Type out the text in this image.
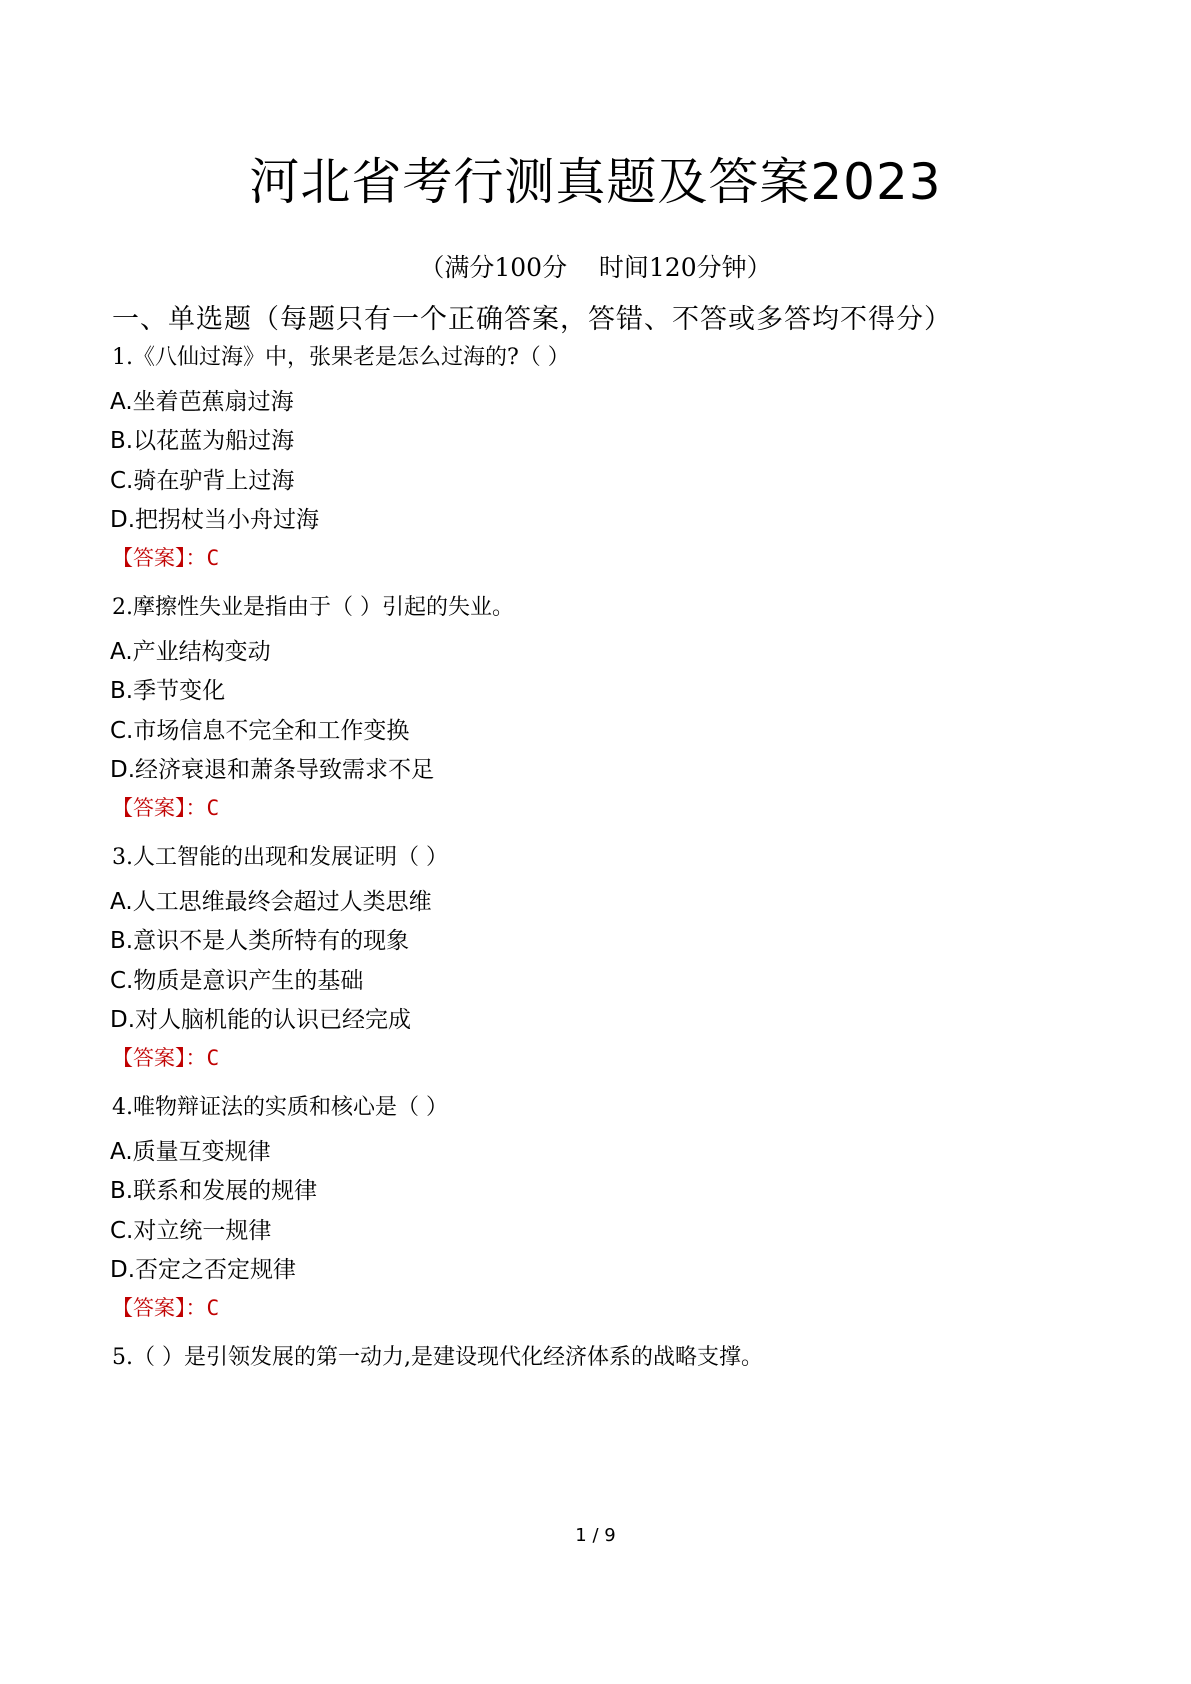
河北省考行测真题及答案2023
（满分100分    时间120分钟）
一、单选题（每题只有一个正确答案，答错、不答或多答均不得分）
1.《八仙过海》中，张果老是怎么过海的?（ ）
A.坐着芭蕉扇过海
B.以花蓝为船过海
C.骑在驴背上过海
D.把拐杖当小舟过海
【答案】：C
2.摩擦性失业是指由于（ ）引起的失业。
A.产业结构变动
B.季节变化
C.市场信息不完全和工作变换
D.经济衰退和萧条导致需求不足
【答案】：C
3.人工智能的出现和发展证明（ ）
A.人工思维最终会超过人类思维
B.意识不是人类所特有的现象
C.物质是意识产生的基础
D.对人脑机能的认识已经完成
【答案】：C
4.唯物辩证法的实质和核心是（ ）
A.质量互变规律
B.联系和发展的规律
C.对立统一规律
D.否定之否定规律
【答案】：C
5.（ ）是引领发展的第一动力,是建设现代化经济体系的战略支撑。
1 / 9
